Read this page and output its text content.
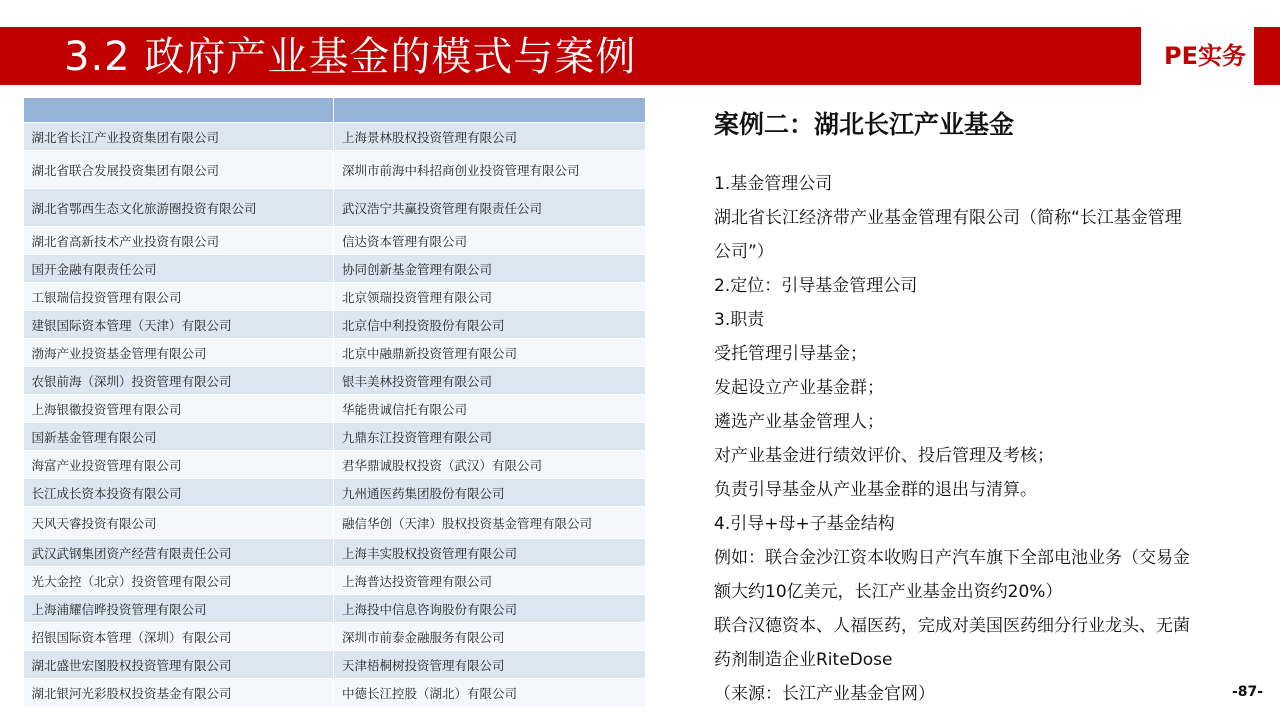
3.2 政府产业基金的模式与案例	PE实务

湖北省长江产业投资集团有限公司	上海景林股权投资管理有限公司
湖北省联合发展投资集团有限公司	深圳市前海中科招商创业投资管理有限公司
湖北省鄂西生态文化旅游圈投资有限公司	武汉浩宁共赢投资管理有限责任公司
湖北省高新技术产业投资有限公司	信达资本管理有限公司
国开金融有限责任公司	协同创新基金管理有限公司
工银瑞信投资管理有限公司	北京领瑞投资管理有限公司
建银国际资本管理（天津）有限公司	北京信中利投资股份有限公司
渤海产业投资基金管理有限公司	北京中融鼎新投资管理有限公司
农银前海（深圳）投资管理有限公司	银丰美林投资管理有限公司
上海银徽投资管理有限公司	华能贵诚信托有限公司
国新基金管理有限公司	九鼎东江投资管理有限公司
海富产业投资管理有限公司	君华鼎诚股权投资（武汉）有限公司
长江成长资本投资有限公司	九州通医药集团股份有限公司
天风天睿投资有限公司	融信华创（天津）股权投资基金管理有限公司
武汉武钢集团资产经营有限责任公司	上海丰实股权投资管理有限公司
光大金控（北京）投资管理有限公司	上海普达投资管理有限公司
上海浦耀信晔投资管理有限公司	上海投中信息咨询股份有限公司
招银国际资本管理（深圳）有限公司	深圳市前泰金融服务有限公司
湖北盛世宏图股权投资管理有限公司	天津梧桐树投资管理有限公司
湖北银河光彩股权投资基金有限公司	中德长江控股（湖北）有限公司
案例二：湖北长江产业基金
1.基金管理公司
湖北省长江经济带产业基金管理有限公司（简称“长江基金管理
公司”）
2.定位：引导基金管理公司
3.职责
受托管理引导基金；
发起设立产业基金群；
遴选产业基金管理人；
对产业基金进行绩效评价、投后管理及考核；
负责引导基金从产业基金群的退出与清算。
4.引导+母+子基金结构
例如：联合金沙江资本收购日产汽车旗下全部电池业务（交易金
额大约10亿美元，长江产业基金出资约20%）
联合汉德资本、人福医药，完成对美国医药细分行业龙头、无菌
药剂制造企业RiteDose
（来源：长江产业基金官网）	-87-
